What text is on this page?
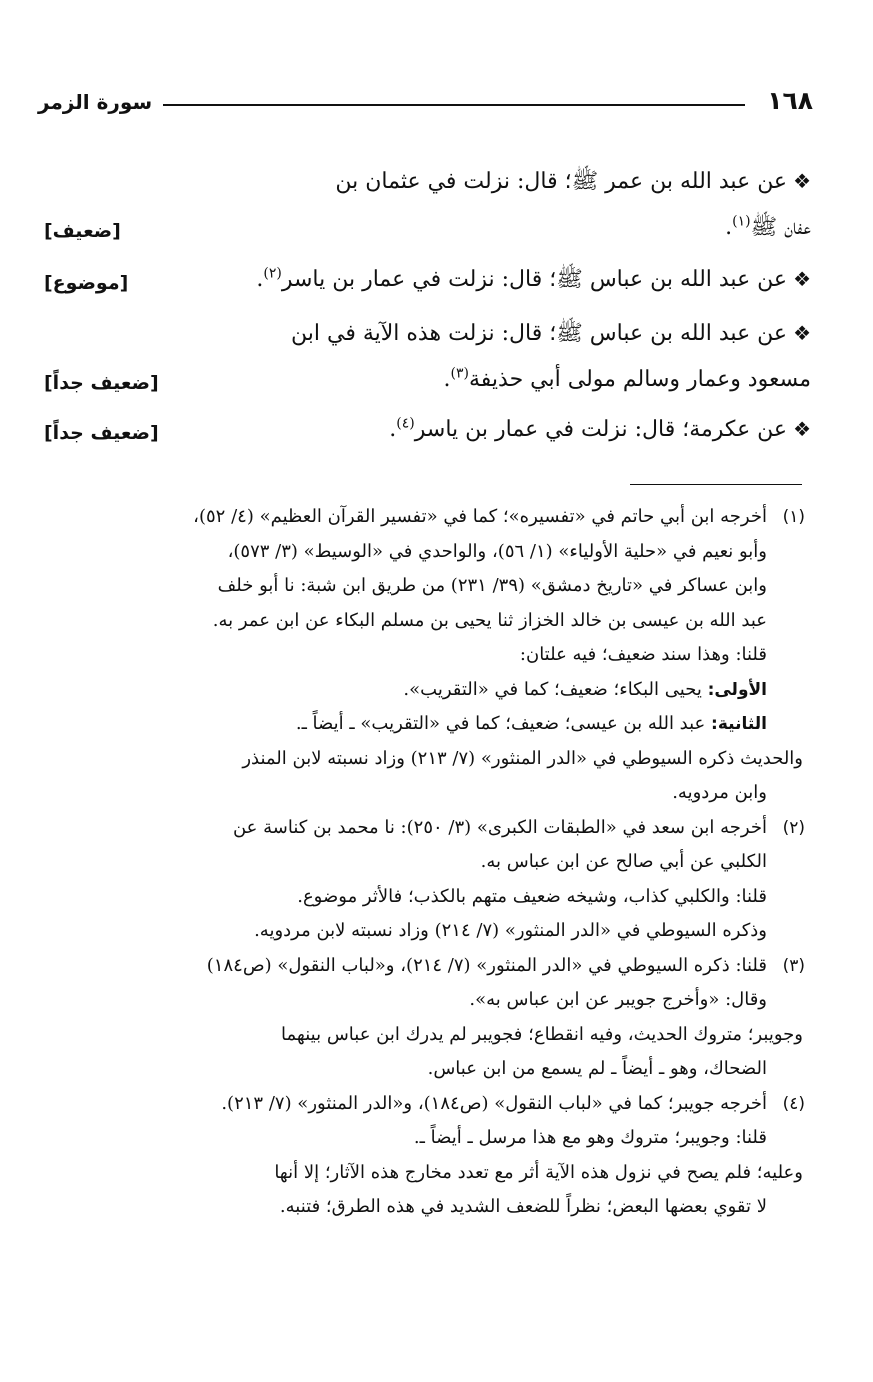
١٦٨
سورة الزمر
❖عن عبد الله بن عمر ﷺ؛ قال: نزلت في عثمان بن
عفان ﷺ$^{(١)}$.
[ضعيف]
❖عن عبد الله بن عباس ﷺ؛ قال: نزلت في عمار بن ياسر$^{(٢)}$.
[موضوع]
❖عن عبد الله بن عباس ﷺ؛ قال: نزلت هذه الآية في ابن
مسعود وعمار وسالم مولى أبي حذيفة$^{(٣)}$.
[ضعيف جداً]
❖عن عكرمة؛ قال: نزلت في عمار بن ياسر$^{(٤)}$.
[ضعيف جداً]
(١)
أخرجه ابن أبي حاتم في «تفسيره»؛ كما في «تفسير القرآن العظيم» (٤/ ٥٢)،
وأبو نعيم في «حلية الأولياء» (١/ ٥٦)، والواحدي في «الوسيط» (٣/ ٥٧٣)،
وابن عساكر في «تاريخ دمشق» (٣٩/ ٢٣١) من طريق ابن شبة: نا أبو خلف
عبد الله بن عيسى بن خالد الخزاز ثنا يحيى بن مسلم البكاء عن ابن عمر به.
قلنا: وهذا سند ضعيف؛ فيه علتان:
الأولى: يحيى البكاء؛ ضعيف؛ كما في «التقريب».
الثانية: عبد الله بن عيسى؛ ضعيف؛ كما في «التقريب» ـ أيضاً ـ.
والحديث ذكره السيوطي في «الدر المنثور» (٧/ ٢١٣) وزاد نسبته لابن المنذر
وابن مردويه.
(٢)
أخرجه ابن سعد في «الطبقات الكبرى» (٣/ ٢٥٠): نا محمد بن كناسة عن
الكلبي عن أبي صالح عن ابن عباس به.
قلنا: والكلبي كذاب، وشيخه ضعيف متهم بالكذب؛ فالأثر موضوع.
وذكره السيوطي في «الدر المنثور» (٧/ ٢١٤) وزاد نسبته لابن مردويه.
(٣)
قلنا: ذكره السيوطي في «الدر المنثور» (٧/ ٢١٤)، و«لباب النقول» (ص١٨٤)
وقال: «وأخرج جويبر عن ابن عباس به».
وجويبر؛ متروك الحديث، وفيه انقطاع؛ فجويبر لم يدرك ابن عباس بينهما
الضحاك، وهو ـ أيضاً ـ لم يسمع من ابن عباس.
(٤)
أخرجه جويبر؛ كما في «لباب النقول» (ص١٨٤)، و«الدر المنثور» (٧/ ٢١٣).
قلنا: وجويبر؛ متروك وهو مع هذا مرسل ـ أيضاً ـ.
وعليه؛ فلم يصح في نزول هذه الآية أثر مع تعدد مخارج هذه الآثار؛ إلا أنها
لا تقوي بعضها البعض؛ نظراً للضعف الشديد في هذه الطرق؛ فتنبه.
